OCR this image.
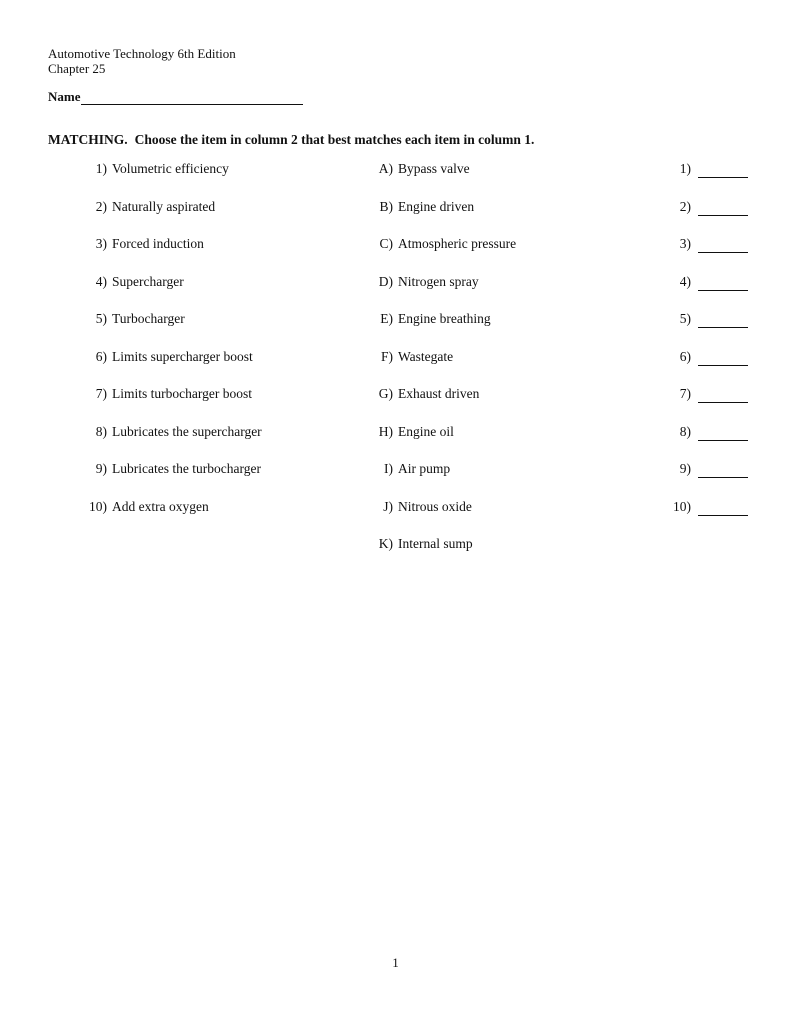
Automotive Technology 6th Edition
Chapter 25
Name
MATCHING. Choose the item in column 2 that best matches each item in column 1.
1) Volumetric efficiency	A) Bypass valve	1)
2) Naturally aspirated	B) Engine driven	2)
3) Forced induction	C) Atmospheric pressure	3)
4) Supercharger	D) Nitrogen spray	4)
5) Turbocharger	E) Engine breathing	5)
6) Limits supercharger boost	F) Wastegate	6)
7) Limits turbocharger boost	G) Exhaust driven	7)
8) Lubricates the supercharger	H) Engine oil	8)
9) Lubricates the turbocharger	I) Air pump	9)
10) Add extra oxygen	J) Nitrous oxide	10)
K) Internal sump
1
